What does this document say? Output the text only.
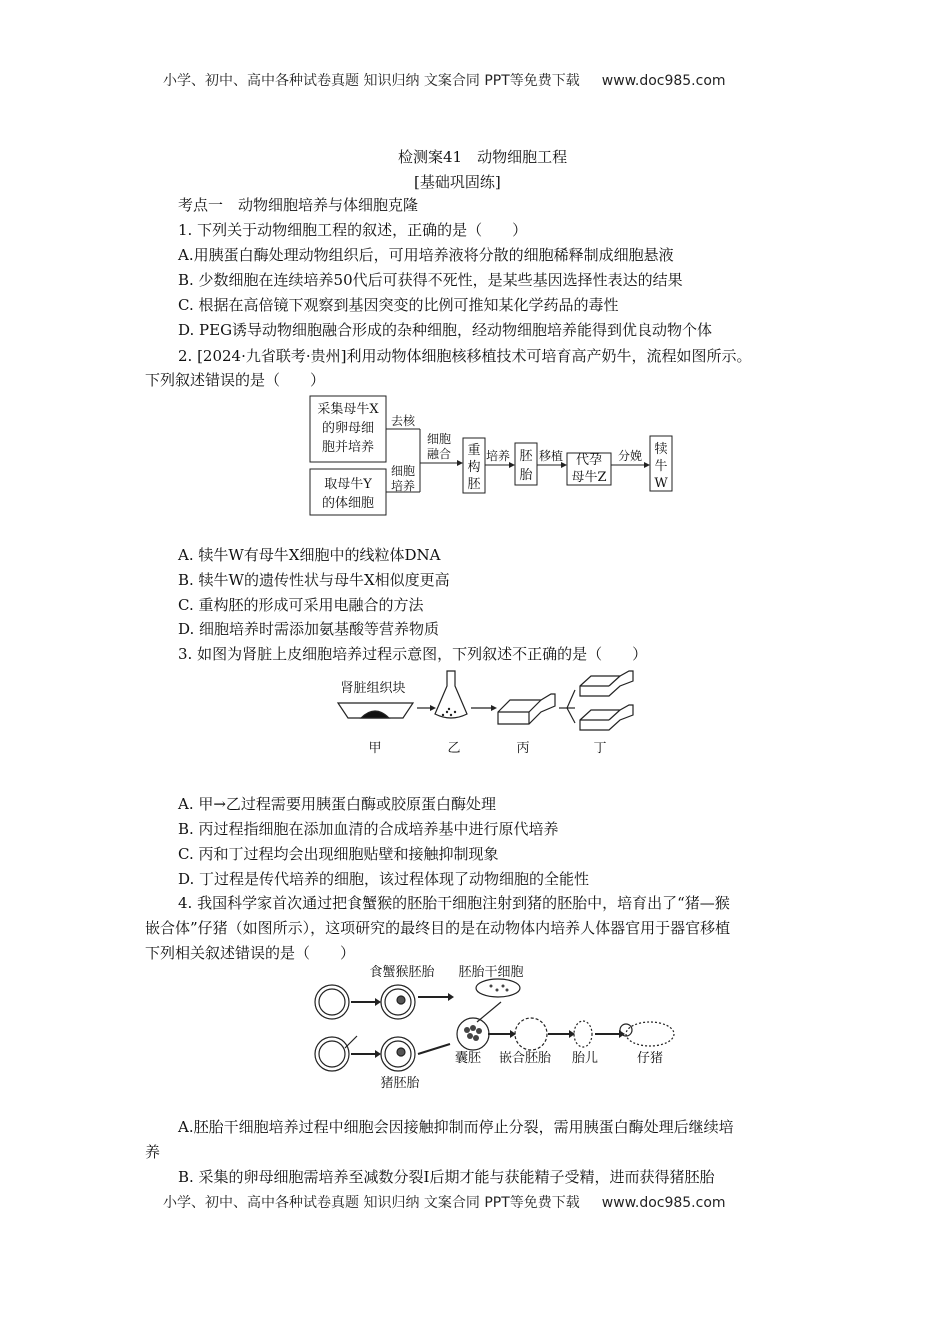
小学、初中、高中各种试卷真题 知识归纳 文案合同 PPT等免费下载 www.doc985.com
检测案41　动物细胞工程
[基础巩固练]
考点一　动物细胞培养与体细胞克隆
1. 下列关于动物细胞工程的叙述，正确的是（　　）
A.用胰蛋白酶处理动物组织后，可用培养液将分散的细胞稀释制成细胞悬液
B. 少数细胞在连续培养50代后可获得不死性，是某些基因选择性表达的结果
C. 根据在高倍镜下观察到基因突变的比例可推知某化学药品的毒性
D. PEG诱导动物细胞融合形成的杂种细胞，经动物细胞培养能得到优良动物个体
2. [2024·九省联考·贵州]利用动物体细胞核移植技术可培育高产奶牛，流程如图所示。
下列叙述错误的是（　　）
采集母牛X
的卵母细
胞并培养
取母牛Y
的体细胞
去核
细胞
培养
细胞
融合 重
构
胚
培养 胚
胎
移植 代孕
母牛Z
分娩 犊
牛
W
A. 犊牛W有母牛X细胞中的线粒体DNA
B. 犊牛W的遗传性状与母牛X相似度更高
C. 重构胚的形成可采用电融合的方法
D. 细胞培养时需添加氨基酸等营养物质
3. 如图为肾脏上皮细胞培养过程示意图，下列叙述不正确的是（　　）
肾脏组织块
甲	乙	丙	丁
A. 甲→乙过程需要用胰蛋白酶或胶原蛋白酶处理
B. 丙过程指细胞在添加血清的合成培养基中进行原代培养
C. 丙和丁过程均会出现细胞贴壁和接触抑制现象
D. 丁过程是传代培养的细胞，该过程体现了动物细胞的全能性
4. 我国科学家首次通过把食蟹猴的胚胎干细胞注射到猪的胚胎中，培育出了“猪—猴
嵌合体”仔猪（如图所示），这项研究的最终目的是在动物体内培养人体器官用于器官移植
下列相关叙述错误的是（　　）
食蟹猴胚胎 胚胎干细胞
猪胚胎
囊胚 嵌合胚胎 胎儿	仔猪
A.胚胎干细胞培养过程中细胞会因接触抑制而停止分裂，需用胰蛋白酶处理后继续培
养
B. 采集的卵母细胞需培养至减数分裂Ⅰ后期才能与获能精子受精，进而获得猪胚胎
小学、初中、高中各种试卷真题 知识归纳 文案合同 PPT等免费下载 www.doc985.com
